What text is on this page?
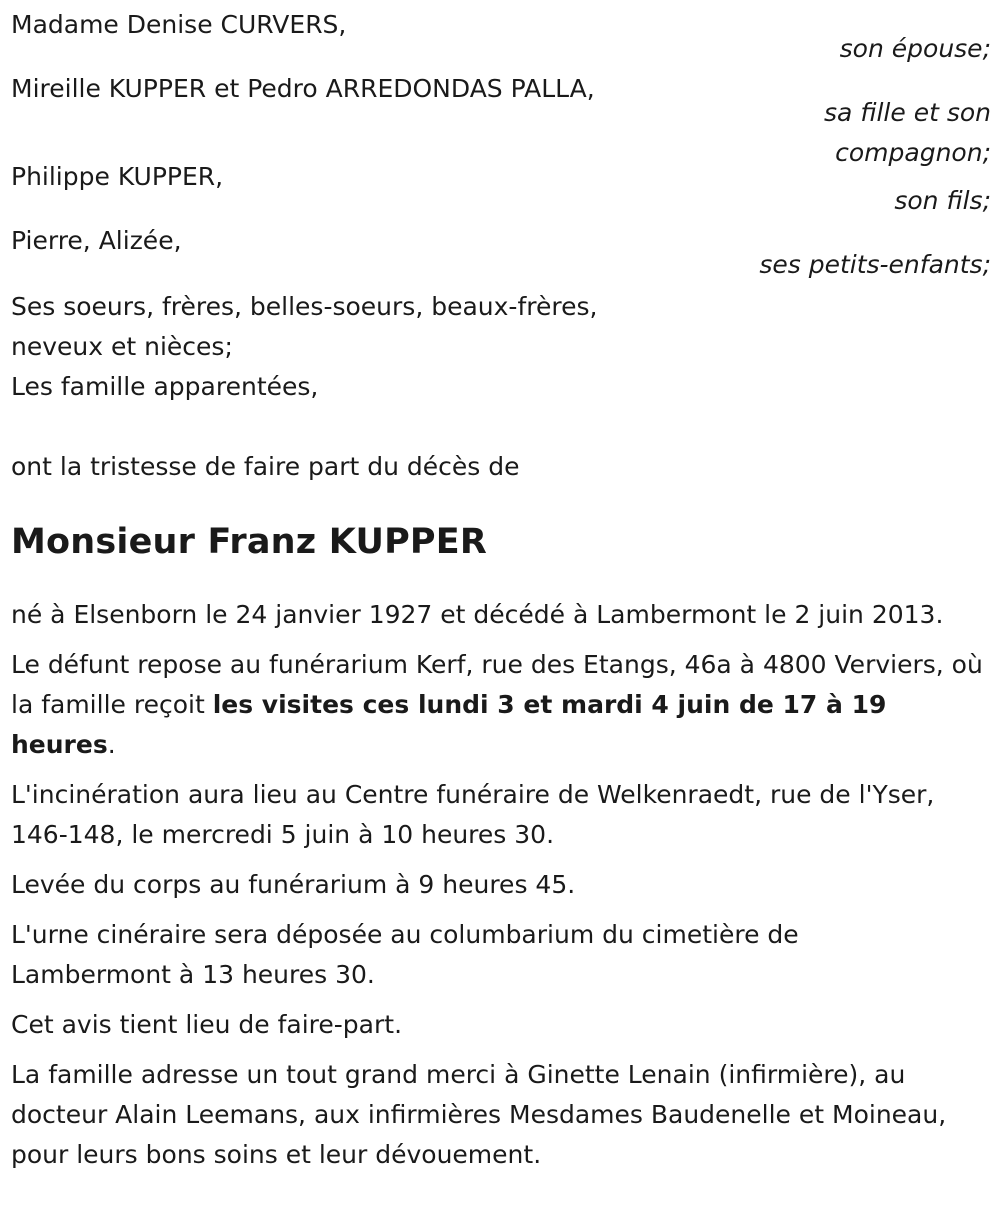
Madame Denise CURVERS,
son épouse;
Mireille KUPPER et Pedro ARREDONDAS PALLA,
sa fille et son
compagnon;
Philippe KUPPER,
son fils;
Pierre, Alizée,
ses petits-enfants;
Ses soeurs, frères, belles-soeurs, beaux-frères,
neveux et nièces;
Les famille apparentées,
ont la tristesse de faire part du décès de
Monsieur Franz KUPPER

né à Elsenborn le 24 janvier 1927 et décédé à Lambermont le 2 juin 2013.

Le défunt repose au funérarium Kerf, rue des Etangs, 46a à 4800 Verviers, où la famille reçoit les visites ces lundi 3 et mardi 4 juin de 17 à 19 heures.

L'incinération aura lieu au Centre funéraire de Welkenraedt, rue de l'Yser, 146-148, le mercredi 5 juin à 10 heures 30.

Levée du corps au funérarium à 9 heures 45.

L'urne cinéraire sera déposée au columbarium du cimetière de Lambermont à 13 heures 30.

Cet avis tient lieu de faire-part.

La famille adresse un tout grand merci à Ginette Lenain (infirmière), au docteur Alain Leemans, aux infirmières Mesdames Baudenelle et Moineau, pour leurs bons soins et leur dévouement.
